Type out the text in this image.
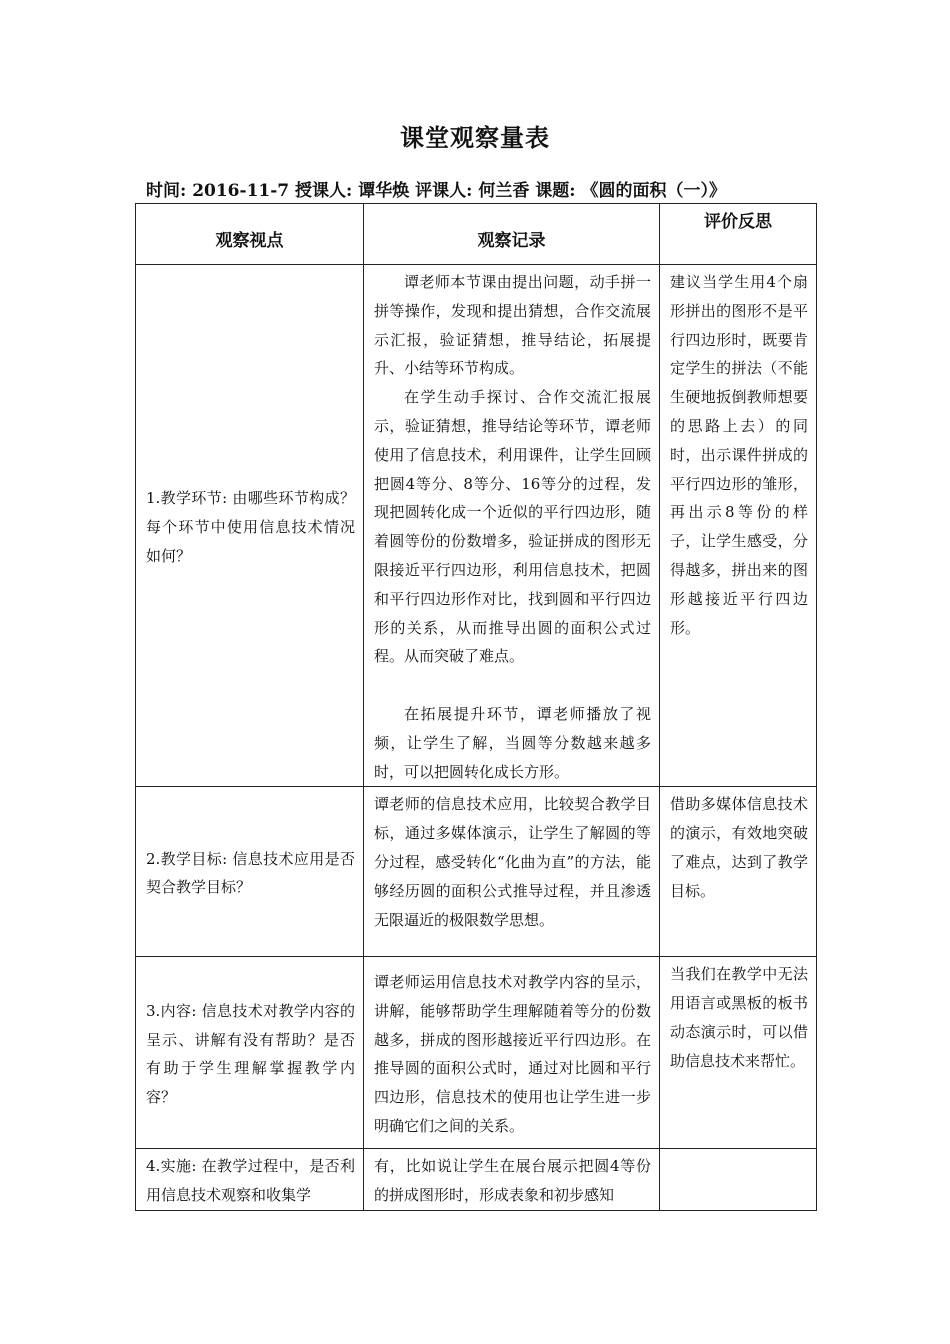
课堂观察量表
时间: 2016-11-7 授课人: 谭华焕 评课人: 何兰香 课题: 《圆的面积（一）》
观察视点	观察记录	评价反思

1.教学环节: 由哪些环节构成？每个环节中使用信息技术情况如何？	谭老师本节课由提出问题，动手拼一拼等操作，发现和提出猜想，合作交流展示汇报，验证猜想，推导结论，拓展提升、小结等环节构成。
在学生动手探讨、合作交流汇报展示，验证猜想，推导结论等环节，谭老师使用了信息技术，利用课件，让学生回顾把圆4等分、8等分、16等分的过程，发现把圆转化成一个近似的平行四边形，随着圆等份的份数增多，验证拼成的图形无限接近平行四边形，利用信息技术，把圆和平行四边形作对比，找到圆和平行四边形的关系，从而推导出圆的面积公式过程。从而突破了难点。
在拓展提升环节，谭老师播放了视频，让学生了解，当圆等分数越来越多时，可以把圆转化成长方形。	建议当学生用4个扇形拼出的图形不是平行四边形时，既要肯定学生的拼法（不能生硬地扳倒教师想要的思路上去）的同时，出示课件拼成的平行四边形的雏形，再出示8等份的样子，让学生感受，分得越多，拼出来的图形越接近平行四边形。

2.教学目标: 信息技术应用是否契合教学目标？	谭老师的信息技术应用，比较契合教学目标，通过多媒体演示，让学生了解圆的等分过程，感受转化“化曲为直”的方法，能够经历圆的面积公式推导过程，并且渗透无限逼近的极限数学思想。	借助多媒体信息技术的演示，有效地突破了难点，达到了教学目标。

3.内容: 信息技术对教学内容的呈示、讲解有没有帮助？是否有助于学生理解掌握教学内容？	谭老师运用信息技术对教学内容的呈示，讲解，能够帮助学生理解随着等分的份数越多，拼成的图形越接近平行四边形。在推导圆的面积公式时，通过对比圆和平行四边形，信息技术的使用也让学生进一步明确它们之间的关系。	当我们在教学中无法用语言或黑板的板书动态演示时，可以借助信息技术来帮忙。

4.实施: 在教学过程中，是否利用信息技术观察和收集学	有，比如说让学生在展台展示把圆4等份的拼成图形时，形成表象和初步感知	
